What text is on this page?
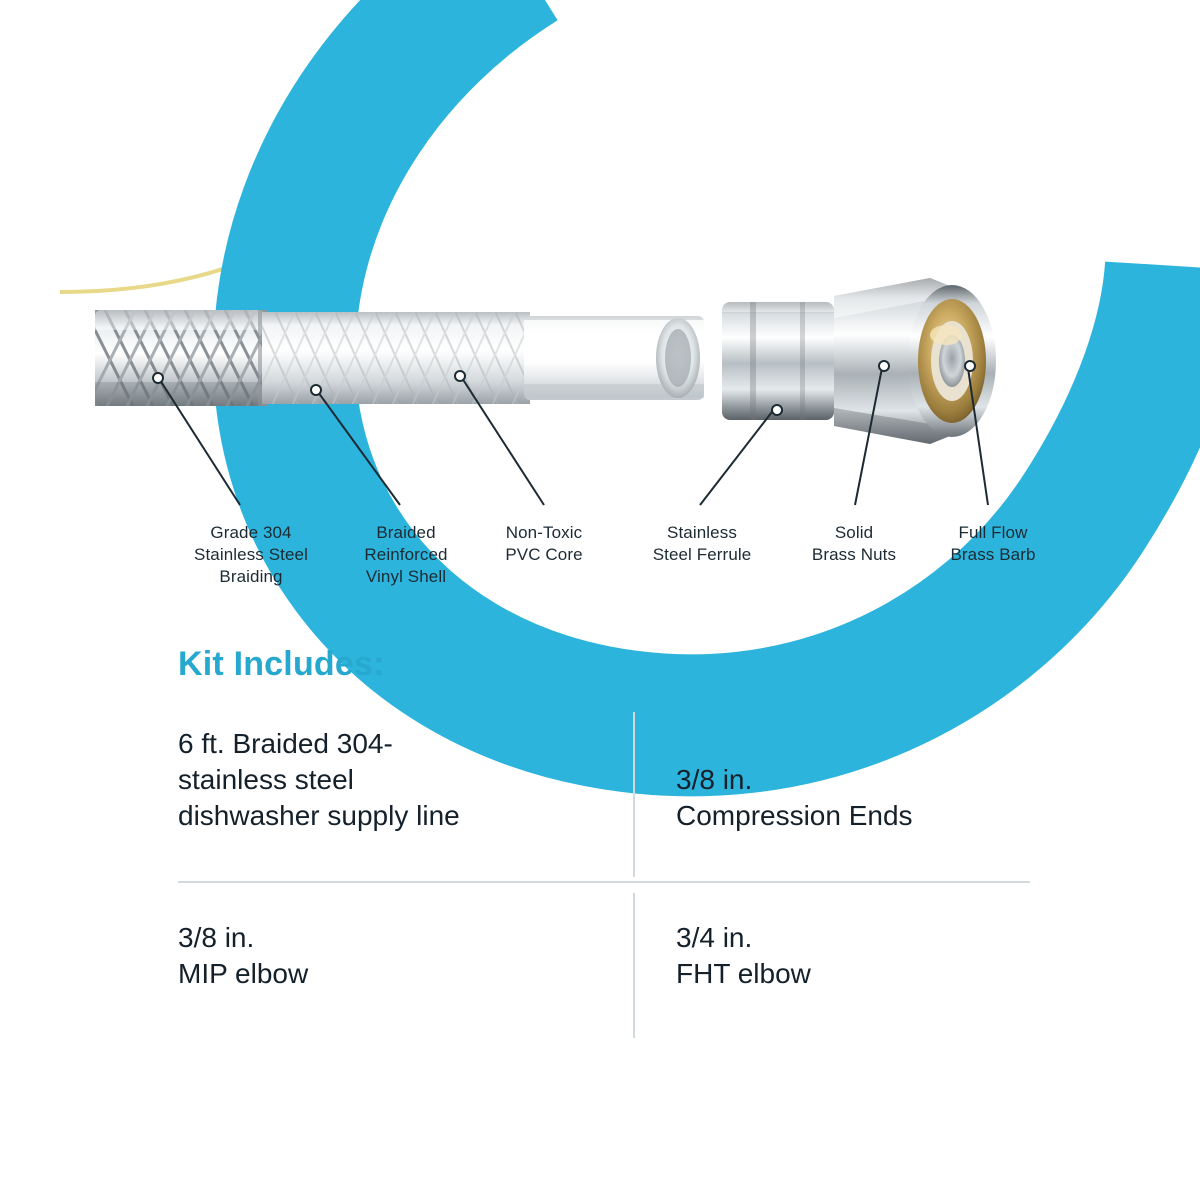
Grade 304
Stainless Steel
Braiding
Braided
Reinforced
Vinyl Shell
Non-Toxic
PVC Core
Stainless
Steel Ferrule
Solid
Brass Nuts
Full Flow
Brass Barb
Kit Includes:
6 ft. Braided 304-
stainless steel
dishwasher supply line
3/8 in.
Compression Ends
3/8 in.
MIP elbow
3/4 in.
FHT elbow
